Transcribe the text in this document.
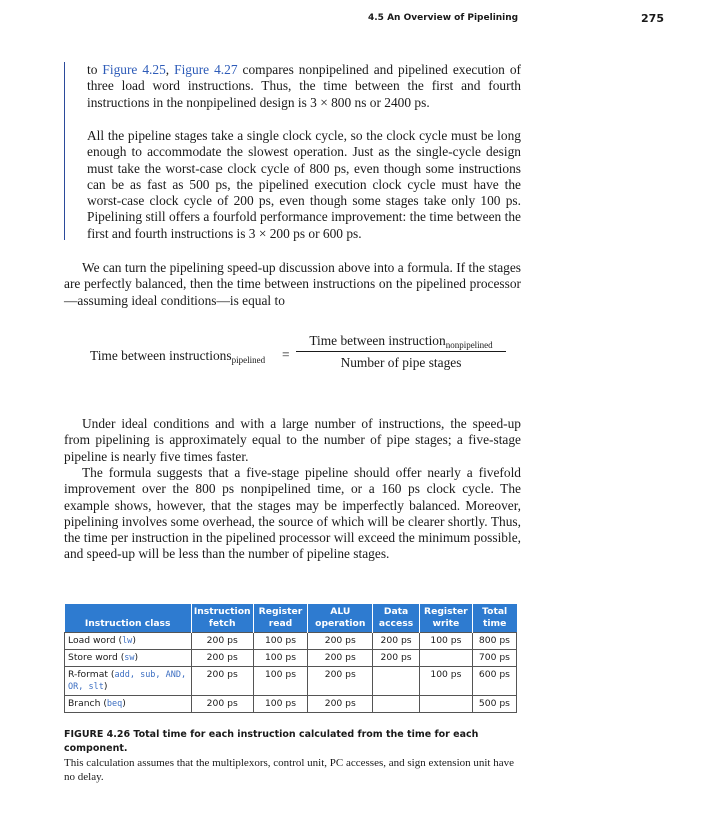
4.5 An Overview of Pipelining	275

to Figure 4.25, Figure 4.27 compares nonpipelined and pipelined execution of three load word instructions. Thus, the time between the first and fourth instructions in the nonpipelined design is 3 × 800 ns or 2400 ps.

All the pipeline stages take a single clock cycle, so the clock cycle must be long enough to accommodate the slowest operation. Just as the single-cycle design must take the worst-case clock cycle of 800 ps, even though some instructions can be as fast as 500 ps, the pipelined execution clock cycle must have the worst-case clock cycle of 200 ps, even though some stages take only 100 ps. Pipelining still offers a fourfold performance improvement: the time between the first and fourth instructions is 3 × 200 ps or 600 ps.

We can turn the pipelining speed-up discussion above into a formula. If the stages are perfectly balanced, then the time between instructions on the pipelined processor—assuming ideal conditions—is equal to

Time between instructions$_{pipelined}$ =
Time between instruction$_{nonpipelined}$
Number of pipe stages

Under ideal conditions and with a large number of instructions, the speed-up from pipelining is approximately equal to the number of pipe stages; a five-stage pipeline is nearly five times faster.

The formula suggests that a five-stage pipeline should offer nearly a fivefold improvement over the 800 ps nonpipelined time, or a 160 ps clock cycle. The example shows, however, that the stages may be imperfectly balanced. Moreover, pipelining involves some overhead, the source of which will be clearer shortly. Thus, the time per instruction in the pipelined processor will exceed the minimum possible, and speed-up will be less than the number of pipeline stages.

Instruction class	Instruction fetch	Register read	ALU operation	Data access	Register write	Total time
Load word (lw)	200 ps	100 ps	200 ps	200 ps	100 ps	800 ps
Store word (sw)	200 ps	100 ps	200 ps	200 ps		700 ps
R-format (add, sub, AND, OR, slt)	200 ps	100 ps	200 ps		100 ps	600 ps
Branch (beq)	200 ps	100 ps	200 ps			500 ps
FIGURE 4.26 Total time for each instruction calculated from the time for each component.
This calculation assumes that the multiplexors, control unit, PC accesses, and sign extension unit have no delay.
